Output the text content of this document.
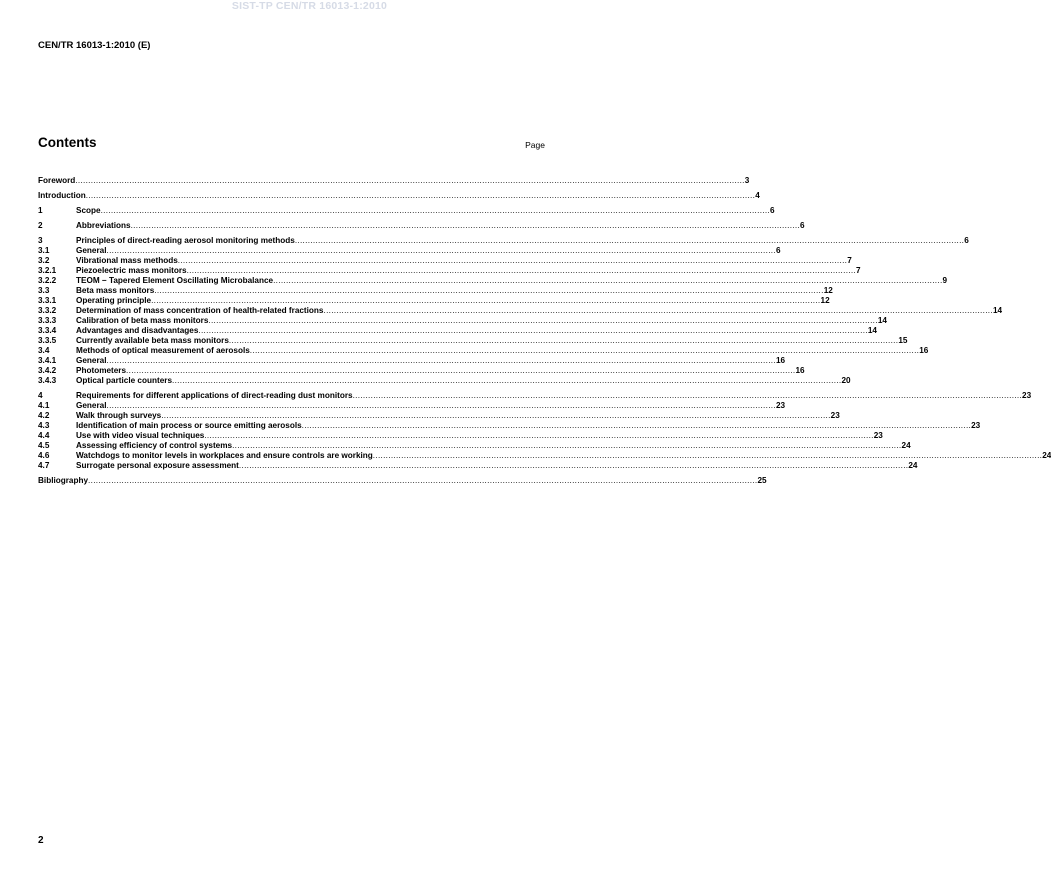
SIST-TP CEN/TR 16013-1:2010
CEN/TR 16013-1:2010 (E)
Contents	Page
Foreword .................................................................................................................................................................................................................................................................... 3
Introduction .................................................................................................................................................................................................................................................................... 4
1	Scope .................................................................................................................................................................................................................................................................... 6
2	Abbreviations .................................................................................................................................................................................................................................................................... 6
3	Principles of direct-reading aerosol monitoring methods .................................................................................................................................................................................................................................................................... 6
3.1	General .................................................................................................................................................................................................................................................................... 6
3.2	Vibrational mass methods .................................................................................................................................................................................................................................................................... 7
3.2.1	Piezoelectric mass monitors .................................................................................................................................................................................................................................................................... 7
3.2.2	TEOM − Tapered Element Oscillating Microbalance .................................................................................................................................................................................................................................................................... 9
3.3	Beta mass monitors .................................................................................................................................................................................................................................................................... 12
3.3.1	Operating principle .................................................................................................................................................................................................................................................................... 12
3.3.2	Determination of mass concentration of health-related fractions .................................................................................................................................................................................................................................................................... 14
3.3.3	Calibration of beta mass monitors .................................................................................................................................................................................................................................................................... 14
3.3.4	Advantages and disadvantages .................................................................................................................................................................................................................................................................... 14
3.3.5	Currently available beta mass monitors .................................................................................................................................................................................................................................................................... 15
3.4	Methods of optical measurement of aerosols .................................................................................................................................................................................................................................................................... 16
3.4.1	General .................................................................................................................................................................................................................................................................... 16
3.4.2	Photometers .................................................................................................................................................................................................................................................................... 16
3.4.3	Optical particle counters .................................................................................................................................................................................................................................................................... 20
4	Requirements for different applications of direct-reading dust monitors .................................................................................................................................................................................................................................................................... 23
4.1	General .................................................................................................................................................................................................................................................................... 23
4.2	Walk through surveys .................................................................................................................................................................................................................................................................... 23
4.3	Identification of main process or source emitting aerosols .................................................................................................................................................................................................................................................................... 23
4.4	Use with video visual techniques .................................................................................................................................................................................................................................................................... 23
4.5	Assessing efficiency of control systems .................................................................................................................................................................................................................................................................... 24
4.6	Watchdogs to monitor levels in workplaces and ensure controls are working .................................................................................................................................................................................................................................................................... 24
4.7	Surrogate personal exposure assessment .................................................................................................................................................................................................................................................................... 24
Bibliography .................................................................................................................................................................................................................................................................... 25
2
